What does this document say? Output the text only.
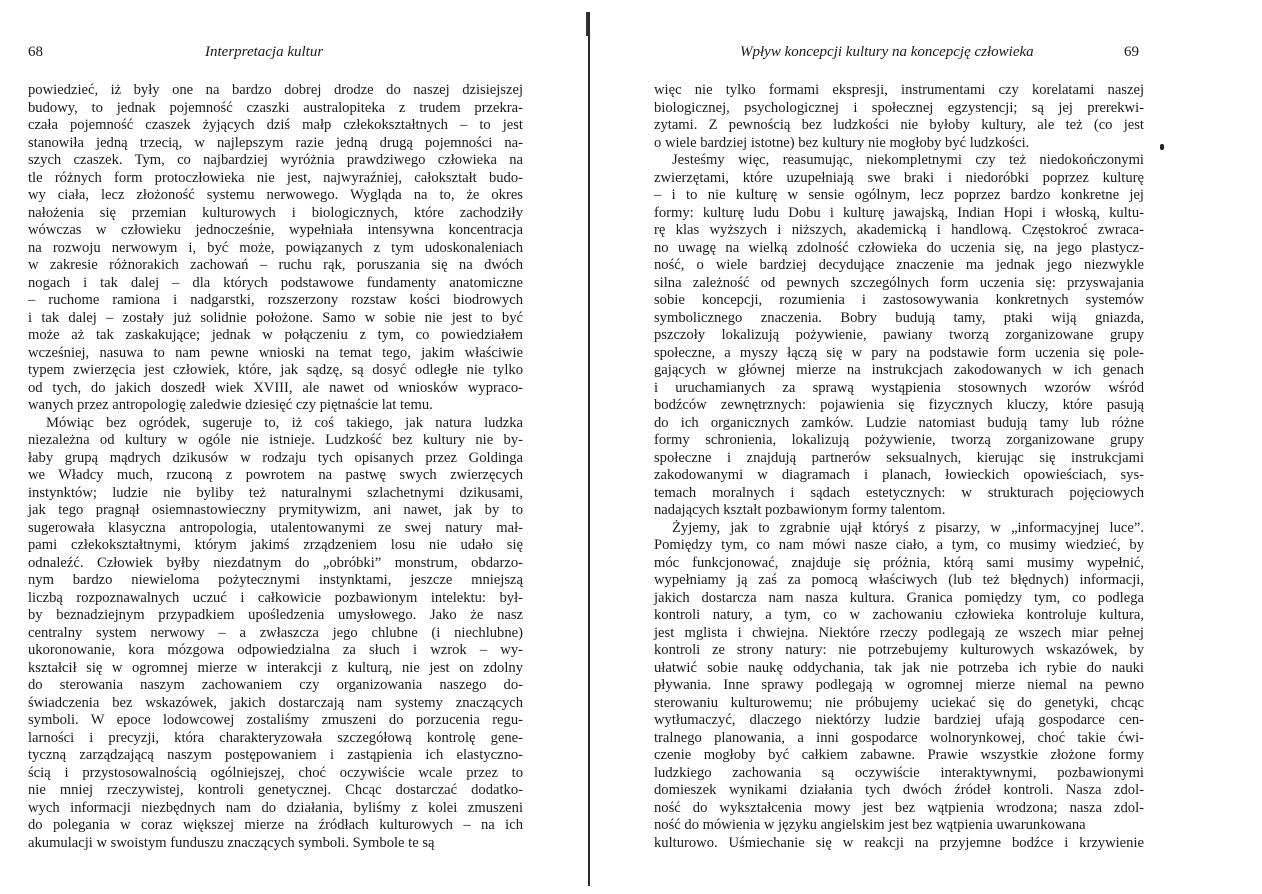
68	Interpretacja kultur
powiedzieć, iż były one na bardzo dobrej drodze do naszej dzisiejszej
budowy, to jednak pojemność czaszki australopiteka z trudem przekra-
czała pojemność czaszek żyjących dziś małp człekokształtnych – to jest
stanowiła jedną trzecią, w najlepszym razie jedną drugą pojemności na-
szych czaszek. Tym, co najbardziej wyróżnia prawdziwego człowieka na
tle różnych form protoczłowieka nie jest, najwyraźniej, całokształt budo-
wy ciała, lecz złożoność systemu nerwowego. Wygląda na to, że okres
nałożenia się przemian kulturowych i biologicznych, które zachodziły
wówczas w człowieku jednocześnie, wypełniała intensywna koncentracja
na rozwoju nerwowym i, być może, powiązanych z tym udoskonaleniach
w zakresie różnorakich zachowań – ruchu rąk, poruszania się na dwóch
nogach i tak dalej – dla których podstawowe fundamenty anatomiczne
– ruchome ramiona i nadgarstki, rozszerzony rozstaw kości biodrowych
i tak dalej – zostały już solidnie położone. Samo w sobie nie jest to być
może aż tak zaskakujące; jednak w połączeniu z tym, co powiedziałem
wcześniej, nasuwa to nam pewne wnioski na temat tego, jakim właściwie
typem zwierzęcia jest człowiek, które, jak sądzę, są dosyć odległe nie tylko
od tych, do jakich doszedł wiek XVIII, ale nawet od wniosków wypraco-
wanych przez antropologię zaledwie dziesięć czy piętnaście lat temu.
Mówiąc bez ogródek, sugeruje to, iż coś takiego, jak natura ludzka
niezależna od kultury w ogóle nie istnieje. Ludzkość bez kultury nie by-
łaby grupą mądrych dzikusów w rodzaju tych opisanych przez Goldinga
we Władcy much, rzuconą z powrotem na pastwę swych zwierzęcych
instynktów; ludzie nie byliby też naturalnymi szlachetnymi dzikusami,
jak tego pragnął osiemnastowieczny prymitywizm, ani nawet, jak by to
sugerowała klasyczna antropologia, utalentowanymi ze swej natury mał-
pami człekokształtnymi, którym jakimś zrządzeniem losu nie udało się
odnaleźć. Człowiek byłby niezdatnym do „obróbki” monstrum, obdarzo-
nym bardzo niewieloma pożytecznymi instynktami, jeszcze mniejszą
liczbą rozpoznawalnych uczuć i całkowicie pozbawionym intelektu: był-
by beznadziejnym przypadkiem upośledzenia umysłowego. Jako że nasz
centralny system nerwowy – a zwłaszcza jego chlubne (i niechlubne)
ukoronowanie, kora mózgowa odpowiedzialna za słuch i wzrok – wy-
kształcił się w ogromnej mierze w interakcji z kulturą, nie jest on zdolny
do sterowania naszym zachowaniem czy organizowania naszego do-
świadczenia bez wskazówek, jakich dostarczają nam systemy znaczących
symboli. W epoce lodowcowej zostaliśmy zmuszeni do porzucenia regu-
larności i precyzji, która charakteryzowała szczegółową kontrolę gene-
tyczną zarządzającą naszym postępowaniem i zastąpienia ich elastyczno-
ścią i przystosowalnością ogólniejszej, choć oczywiście wcale przez to
nie mniej rzeczywistej, kontroli genetycznej. Chcąc dostarczać dodatko-
wych informacji niezbędnych nam do działania, byliśmy z kolei zmuszeni
do polegania w coraz większej mierze na źródłach kulturowych – na ich
akumulacji w swoistym funduszu znaczących symboli. Symbole te są
Wpływ koncepcji kultury na koncepcję człowieka	69
więc nie tylko formami ekspresji, instrumentami czy korelatami naszej
biologicznej, psychologicznej i społecznej egzystencji; są jej prerekwi-
zytami. Z pewnością bez ludzkości nie byłoby kultury, ale też (co jest
o wiele bardziej istotne) bez kultury nie mogłoby być ludzkości.
Jesteśmy więc, reasumując, niekompletnymi czy też niedokończonymi
zwierzętami, które uzupełniają swe braki i niedoróbki poprzez kulturę
– i to nie kulturę w sensie ogólnym, lecz poprzez bardzo konkretne jej
formy: kulturę ludu Dobu i kulturę jawajską, Indian Hopi i włoską, kultu-
rę klas wyższych i niższych, akademicką i handlową. Częstokroć zwraca-
no uwagę na wielką zdolność człowieka do uczenia się, na jego plastycz-
ność, o wiele bardziej decydujące znaczenie ma jednak jego niezwykle
silna zależność od pewnych szczególnych form uczenia się: przyswajania
sobie koncepcji, rozumienia i zastosowywania konkretnych systemów
symbolicznego znaczenia. Bobry budują tamy, ptaki wiją gniazda,
pszczoły lokalizują pożywienie, pawiany tworzą zorganizowane grupy
społeczne, a myszy łączą się w pary na podstawie form uczenia się pole-
gających w głównej mierze na instrukcjach zakodowanych w ich genach
i uruchamianych za sprawą wystąpienia stosownych wzorów wśród
bodźców zewnętrznych: pojawienia się fizycznych kluczy, które pasują
do ich organicznych zamków. Ludzie natomiast budują tamy lub różne
formy schronienia, lokalizują pożywienie, tworzą zorganizowane grupy
społeczne i znajdują partnerów seksualnych, kierując się instrukcjami
zakodowanymi w diagramach i planach, łowieckich opowieściach, sys-
temach moralnych i sądach estetycznych: w strukturach pojęciowych
nadających kształt pozbawionym formy talentom.
Żyjemy, jak to zgrabnie ujął któryś z pisarzy, w „informacyjnej luce”.
Pomiędzy tym, co nam mówi nasze ciało, a tym, co musimy wiedzieć, by
móc funkcjonować, znajduje się próżnia, którą sami musimy wypełnić,
wypełniamy ją zaś za pomocą właściwych (lub też błędnych) informacji,
jakich dostarcza nam nasza kultura. Granica pomiędzy tym, co podlega
kontroli natury, a tym, co w zachowaniu człowieka kontroluje kultura,
jest mglista i chwiejna. Niektóre rzeczy podlegają ze wszech miar pełnej
kontroli ze strony natury: nie potrzebujemy kulturowych wskazówek, by
ułatwić sobie naukę oddychania, tak jak nie potrzeba ich rybie do nauki
pływania. Inne sprawy podlegają w ogromnej mierze niemal na pewno
sterowaniu kulturowemu; nie próbujemy uciekać się do genetyki, chcąc
wytłumaczyć, dlaczego niektórzy ludzie bardziej ufają gospodarce cen-
tralnego planowania, a inni gospodarce wolnorynkowej, choć takie ćwi-
czenie mogłoby być całkiem zabawne. Prawie wszystkie złożone formy
ludzkiego zachowania są oczywiście interaktywnymi, pozbawionymi
domieszek wynikami działania tych dwóch źródeł kontroli. Nasza zdol-
ność do wykształcenia mowy jest bez wątpienia wrodzona; nasza zdol-
ność do mówienia w języku angielskim jest bez wątpienia uwarunkowana
kulturowo. Uśmiechanie się w reakcji na przyjemne bodźce i krzywienie
